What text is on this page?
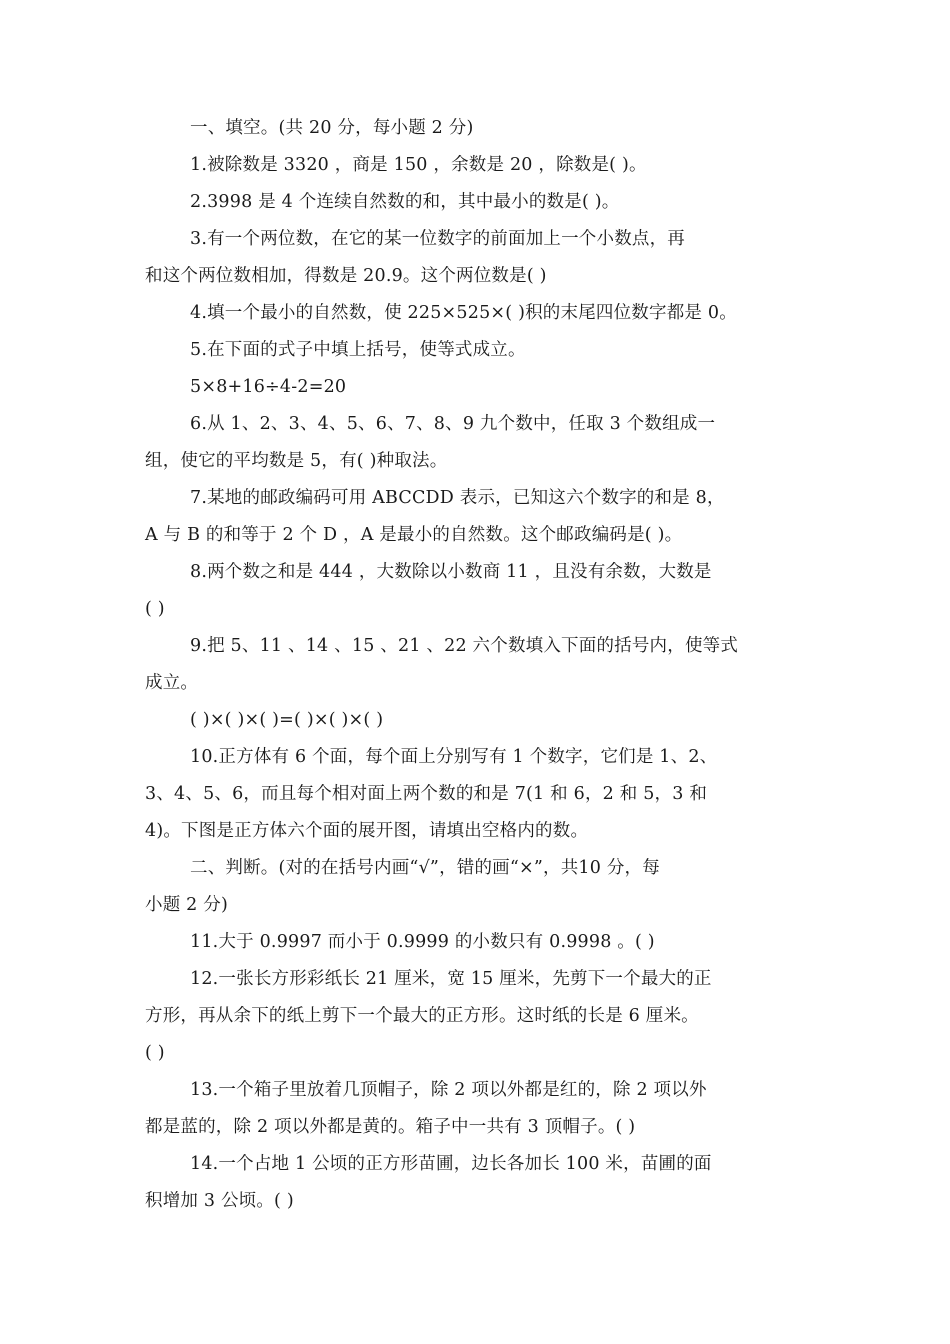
一、填空。(共 20 分，每小题 2 分)
1.被除数是 3320 ，商是 150 ，余数是 20 ，除数是( )。
2.3998 是 4 个连续自然数的和，其中最小的数是( )。
3.有一个两位数，在它的某一位数字的前面加上一个小数点，再
和这个两位数相加，得数是 20.9。这个两位数是( )
4.填一个最小的自然数，使 225×525×( )积的末尾四位数字都是 0。
5.在下面的式子中填上括号，使等式成立。
5×8+16÷4-2=20
6.从 1、2、3、4、5、6、7、8、9 九个数中，任取 3 个数组成一
组，使它的平均数是 5，有( )种取法。
7.某地的邮政编码可用 ABCCDD 表示，已知这六个数字的和是 8，
A 与 B 的和等于 2 个 D ，A 是最小的自然数。这个邮政编码是( )。
8.两个数之和是 444 ，大数除以小数商 11 ，且没有余数，大数是
( )
9.把 5、11 、14 、15 、21 、22 六个数填入下面的括号内，使等式
成立。
( )×( )×( )=( )×( )×( )
10.正方体有 6 个面，每个面上分别写有 1 个数字，它们是 1、2、
3、4、5、6，而且每个相对面上两个数的和是 7(1 和 6，2 和 5，3 和
4)。下图是正方体六个面的展开图，请填出空格内的数。
二、判断。(对的在括号内画“√”，错的画“×”，共10 分，每
小题 2 分)
11.大于 0.9997 而小于 0.9999 的小数只有 0.9998 。( )
12.一张长方形彩纸长 21 厘米，宽 15 厘米，先剪下一个最大的正
方形，再从余下的纸上剪下一个最大的正方形。这时纸的长是 6 厘米。
( )
13.一个箱子里放着几顶帽子，除 2 项以外都是红的，除 2 项以外
都是蓝的，除 2 项以外都是黄的。箱子中一共有 3 顶帽子。( )
14.一个占地 1 公顷的正方形苗圃，边长各加长 100 米，苗圃的面
积增加 3 公顷。( )
